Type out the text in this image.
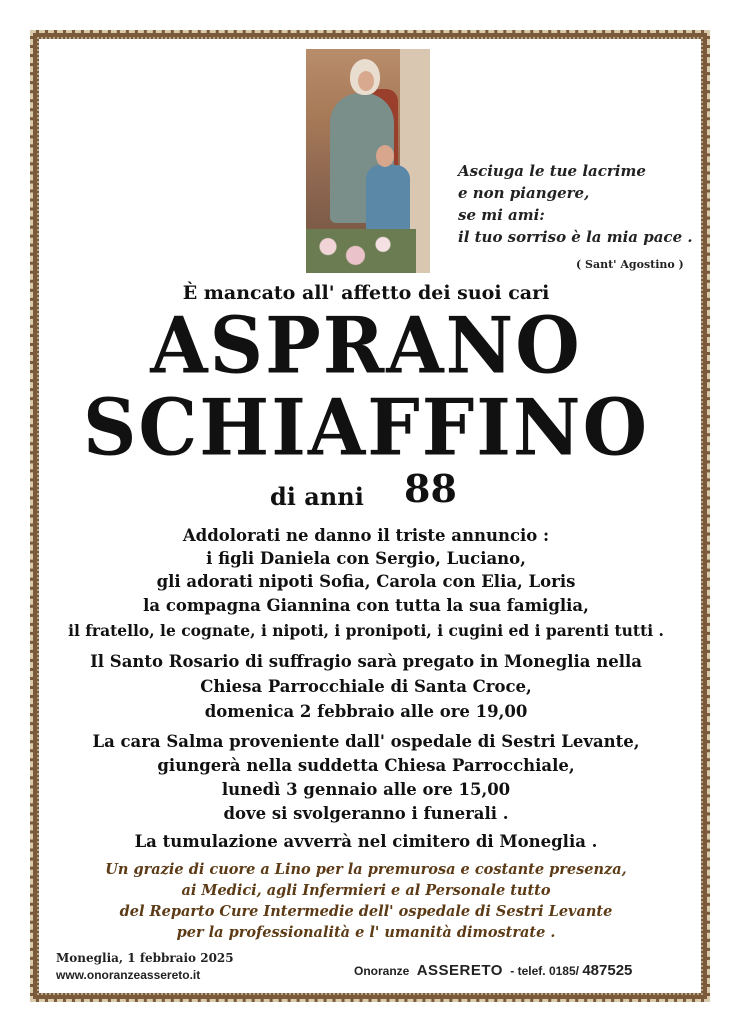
Asciuga le tue lacrime
e non piangere,
se mi ami:
il tuo sorriso è la mia pace .
( Sant' Agostino )
È mancato all' affetto dei suoi cari
ASPRANO
SCHIAFFINO
di anni 88
Addolorati ne danno il triste annuncio :
i figli Daniela con Sergio, Luciano,
gli adorati nipoti Sofia, Carola con Elia, Loris
la compagna Giannina con tutta la sua famiglia,
il fratello, le cognate, i nipoti, i pronipoti, i cugini ed i parenti tutti .
Il Santo Rosario di suffragio sarà pregato in Moneglia nella
Chiesa Parrocchiale di Santa Croce,
domenica 2 febbraio alle ore 19,00
La cara Salma proveniente dall' ospedale di Sestri Levante,
giungerà nella suddetta Chiesa Parrocchiale,
lunedì 3 gennaio alle ore 15,00
dove si svolgeranno i funerali .
La tumulazione avverrà nel cimitero di Moneglia .
Un grazie di cuore a Lino per la premurosa e costante presenza,
ai Medici, agli Infermieri e al Personale tutto
del Reparto Cure Intermedie dell' ospedale di Sestri Levante
per la professionalità e l' umanità dimostrate .
Moneglia, 1 febbraio 2025
www.onoranzeassereto.it	Onoranze ASSERETO - telef. 0185/ 487525
